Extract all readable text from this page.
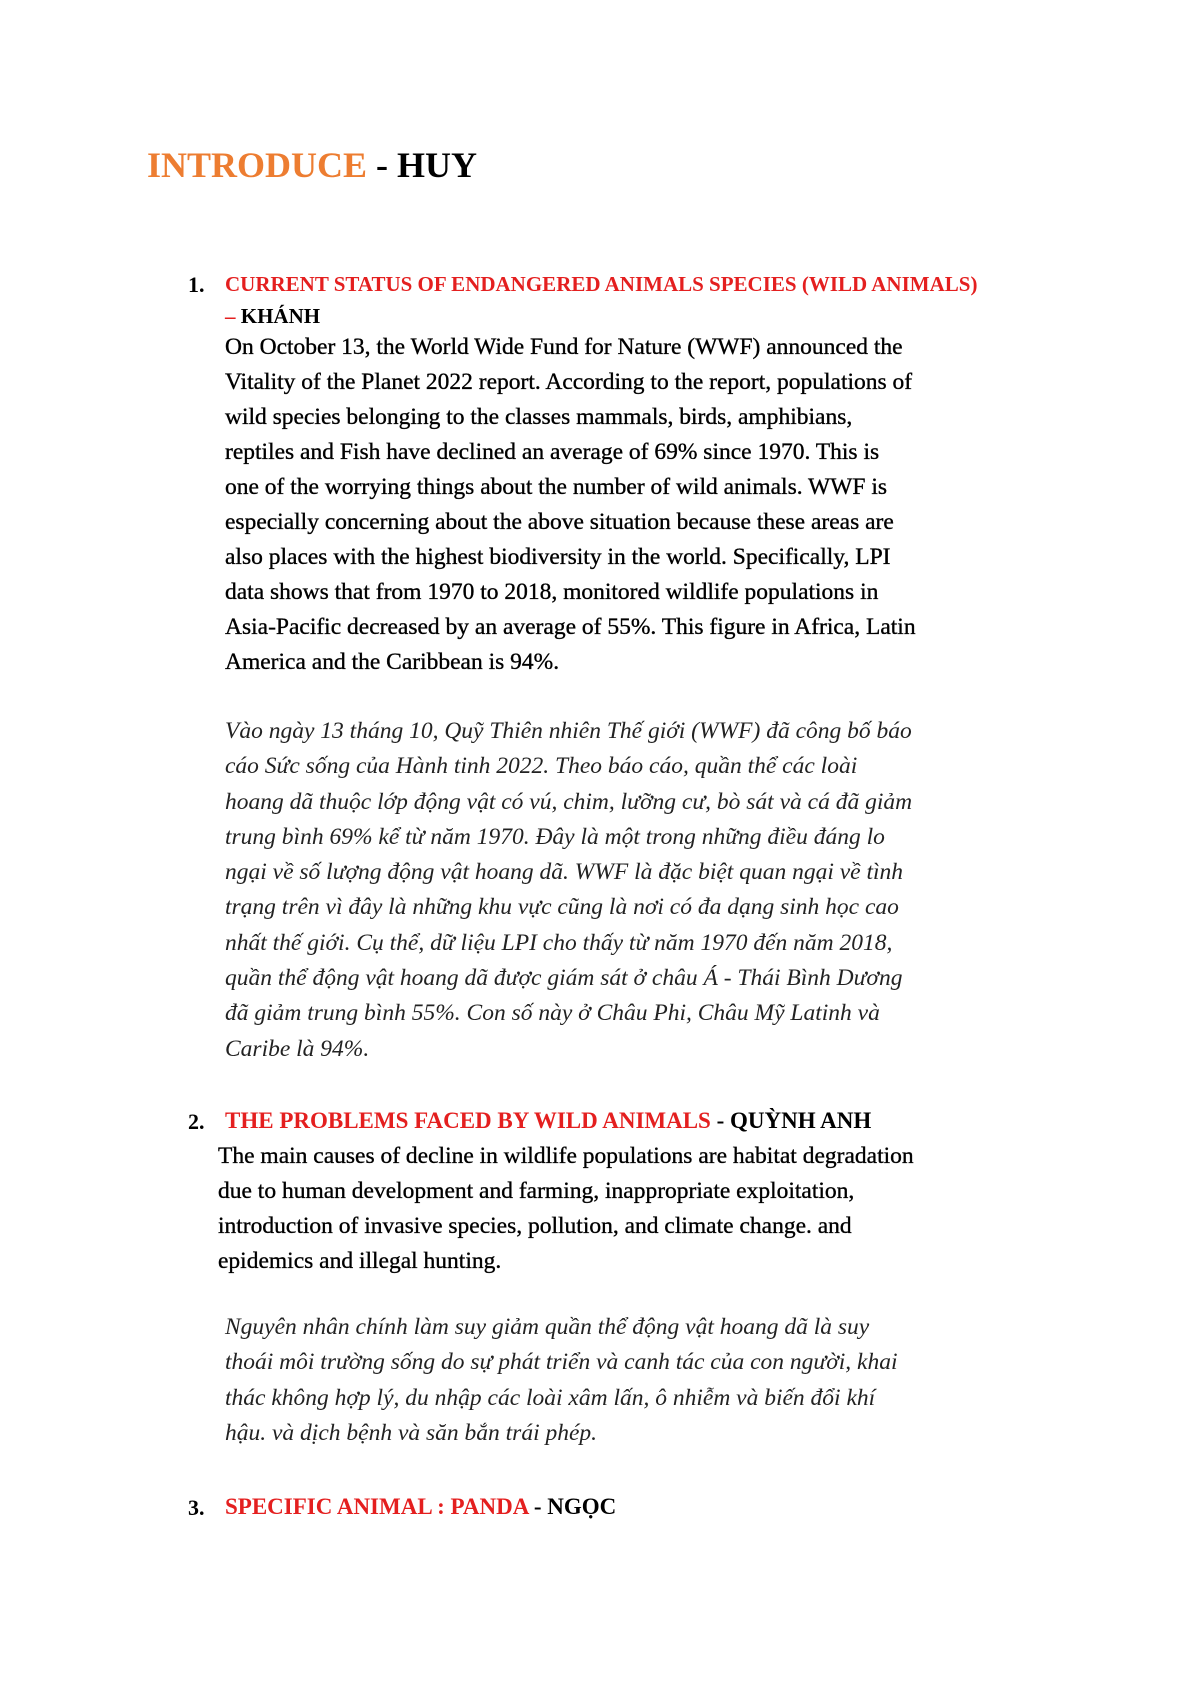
INTRODUCE - HUY
1. CURRENT STATUS OF ENDANGERED ANIMALS SPECIES (WILD ANIMALS) – KHÁNH

On October 13, the World Wide Fund for Nature (WWF) announced the

Vitality of the Planet 2022 report. According to the report, populations of

wild species belonging to the classes mammals, birds, amphibians,

reptiles and Fish have declined an average of 69% since 1970. This is

one of the worrying things about the number of wild animals. WWF is

especially concerning about the above situation because these areas are

also places with the highest biodiversity in the world. Specifically, LPI

data shows that from 1970 to 2018, monitored wildlife populations in

Asia-Pacific decreased by an average of 55%. This figure in Africa, Latin

America and the Caribbean is 94%.

Vào ngày 13 tháng 10, Quỹ Thiên nhiên Thế giới (WWF) đã công bố báo

cáo Sức sống của Hành tinh 2022. Theo báo cáo, quần thể các loài

hoang dã thuộc lớp động vật có vú, chim, lưỡng cư, bò sát và cá đã giảm

trung bình 69% kể từ năm 1970. Đây là một trong những điều đáng lo

ngại về số lượng động vật hoang dã. WWF là đặc biệt quan ngại về tình

trạng trên vì đây là những khu vực cũng là nơi có đa dạng sinh học cao

nhất thế giới. Cụ thể, dữ liệu LPI cho thấy từ năm 1970 đến năm 2018,

quần thể động vật hoang dã được giám sát ở châu Á - Thái Bình Dương

đã giảm trung bình 55%. Con số này ở Châu Phi, Châu Mỹ Latinh và

Caribe là 94%.

2. THE PROBLEMS FACED BY WILD ANIMALS - QUỲNH ANH

The main causes of decline in wildlife populations are habitat degradation

due to human development and farming, inappropriate exploitation,

introduction of invasive species, pollution, and climate change. and

epidemics and illegal hunting.

Nguyên nhân chính làm suy giảm quần thể động vật hoang dã là suy

thoái môi trường sống do sự phát triển và canh tác của con người, khai

thác không hợp lý, du nhập các loài xâm lấn, ô nhiễm và biến đổi khí

hậu. và dịch bệnh và săn bắn trái phép.

3. SPECIFIC ANIMAL : PANDA - NGỌC
